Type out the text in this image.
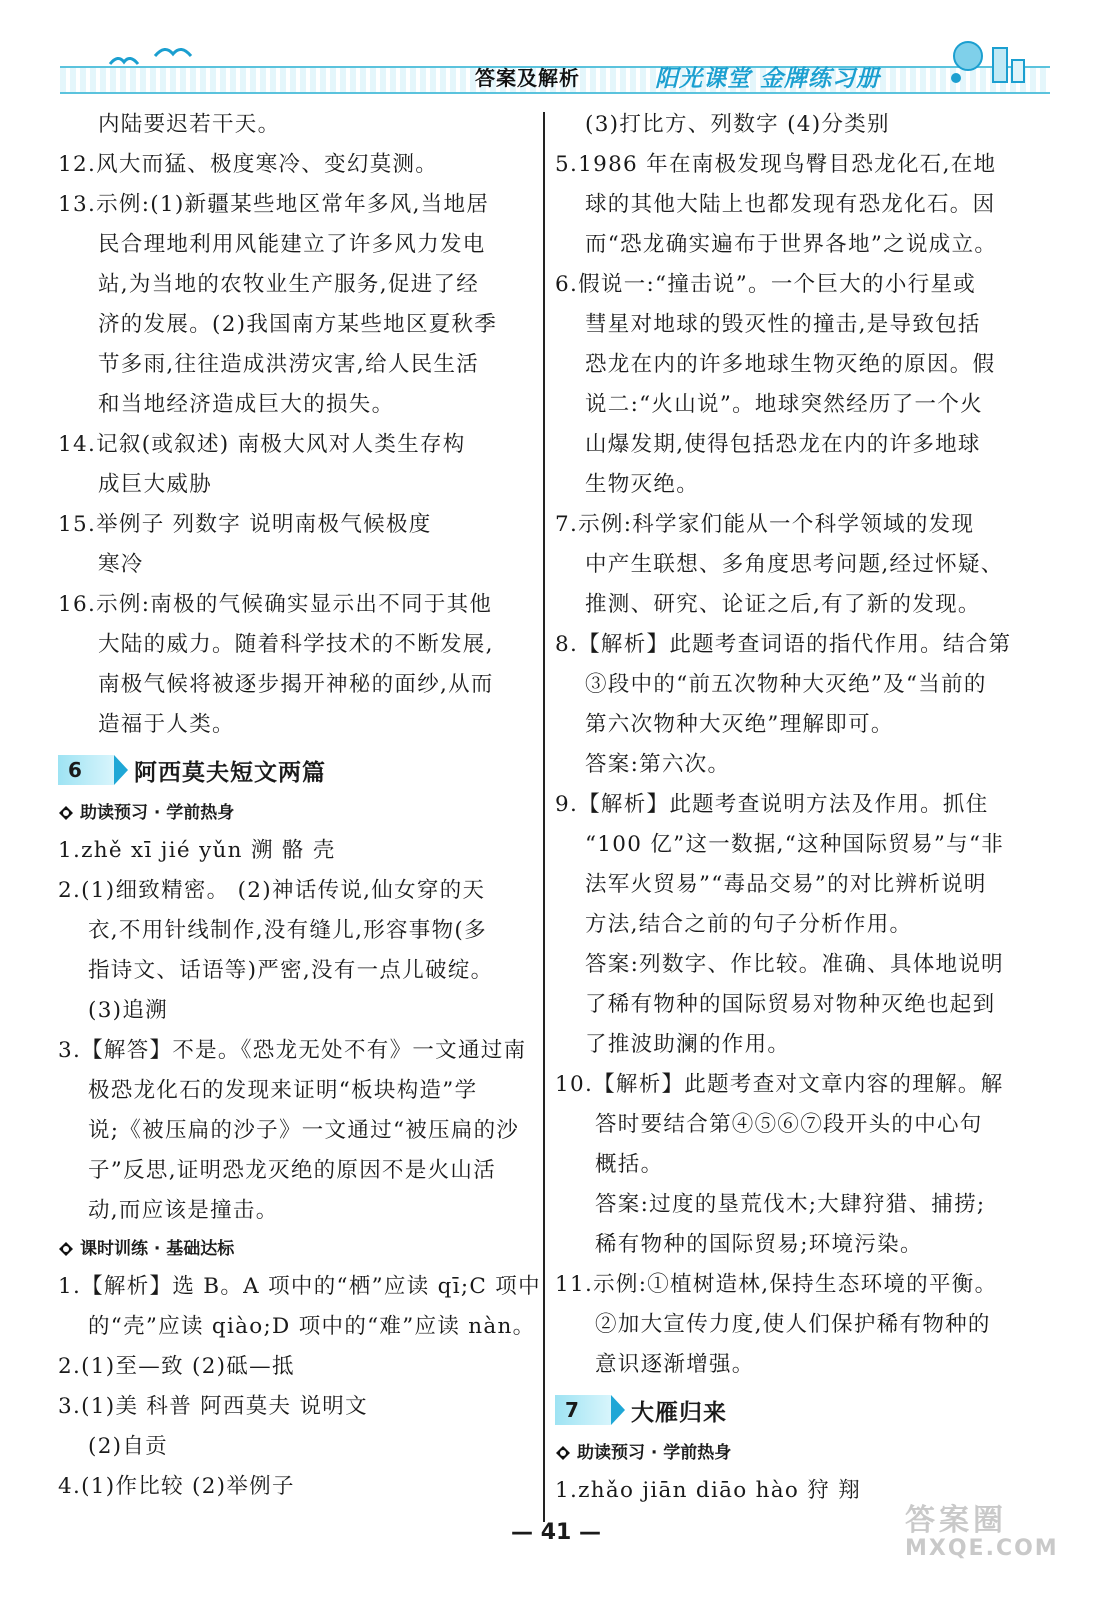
答案及解析	阳光课堂 金牌练习册
内陆要迟若干天。
12.风大而猛、极度寒冷、变幻莫测。
13.示例:(1)新疆某些地区常年多风,当地居
民合理地利用风能建立了许多风力发电
站,为当地的农牧业生产服务,促进了经
济的发展。(2)我国南方某些地区夏秋季
节多雨,往往造成洪涝灾害,给人民生活
和当地经济造成巨大的损失。
14.记叙(或叙述) 南极大风对人类生存构
成巨大威胁
15.举例子 列数字 说明南极气候极度
寒冷
16.示例:南极的气候确实显示出不同于其他
大陆的威力。随着科学技术的不断发展,
南极气候将被逐步揭开神秘的面纱,从而
造福于人类。
6	阿西莫夫短文两篇
助读预习 · 学前热身
1.zhě xī jié yǔn 溯 骼 壳
2.(1)细致精密。 (2)神话传说,仙女穿的天
衣,不用针线制作,没有缝儿,形容事物(多
指诗文、话语等)严密,没有一点儿破绽。
(3)追溯
3.【解答】不是。《恐龙无处不有》一文通过南
极恐龙化石的发现来证明“板块构造”学
说;《被压扁的沙子》一文通过“被压扁的沙
子”反思,证明恐龙灭绝的原因不是火山活
动,而应该是撞击。
课时训练 · 基础达标
1.【解析】选 B。A 项中的“栖”应读 qī;C 项中
的“壳”应读 qiào;D 项中的“难”应读 nàn。
2.(1)至—致 (2)砥—抵
3.(1)美 科普 阿西莫夫 说明文
(2)自贡
4.(1)作比较 (2)举例子
(3)打比方、列数字 (4)分类别
5.1986 年在南极发现鸟臀目恐龙化石,在地
球的其他大陆上也都发现有恐龙化石。因
而“恐龙确实遍布于世界各地”之说成立。
6.假说一:“撞击说”。一个巨大的小行星或
彗星对地球的毁灭性的撞击,是导致包括
恐龙在内的许多地球生物灭绝的原因。假
说二:“火山说”。地球突然经历了一个火
山爆发期,使得包括恐龙在内的许多地球
生物灭绝。
7.示例:科学家们能从一个科学领域的发现
中产生联想、多角度思考问题,经过怀疑、
推测、研究、论证之后,有了新的发现。
8.【解析】此题考查词语的指代作用。结合第
③段中的“前五次物种大灭绝”及“当前的
第六次物种大灭绝”理解即可。
答案:第六次。
9.【解析】此题考查说明方法及作用。抓住
“100 亿”这一数据,“这种国际贸易”与“非
法军火贸易”“毒品交易”的对比辨析说明
方法,结合之前的句子分析作用。
答案:列数字、作比较。准确、具体地说明
了稀有物种的国际贸易对物种灭绝也起到
了推波助澜的作用。
10.【解析】此题考查对文章内容的理解。解
答时要结合第④⑤⑥⑦段开头的中心句
概括。
答案:过度的垦荒伐木;大肆狩猎、捕捞;
稀有物种的国际贸易;环境污染。
11.示例:①植树造林,保持生态环境的平衡。
②加大宣传力度,使人们保护稀有物种的
意识逐渐增强。
7	大雁归来
助读预习 · 学前热身
1.zhǎo jiān diāo hào 狩 翔
— 41 —	答案圈
MXQE.COM
